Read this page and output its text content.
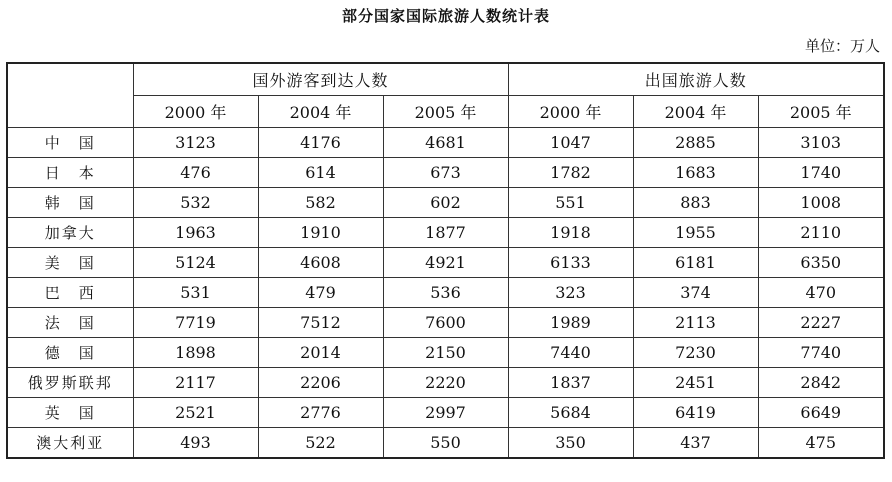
部分国家国际旅游人数统计表
单位：万人
	国外游客到达人数			出国旅游人数		
	2000 年	2004 年	2005 年	2000 年	2004 年	2005 年
中　国	3123	4176	4681	1047	2885	3103
日　本	476	614	673	1782	1683	1740
韩　国	532	582	602	551	883	1008
加拿大	1963	1910	1877	1918	1955	2110
美　国	5124	4608	4921	6133	6181	6350
巴　西	531	479	536	323	374	470
法　国	7719	7512	7600	1989	2113	2227
德　国	1898	2014	2150	7440	7230	7740
俄罗斯联邦	2117	2206	2220	1837	2451	2842
英　国	2521	2776	2997	5684	6419	6649
澳大利亚	493	522	550	350	437	475
